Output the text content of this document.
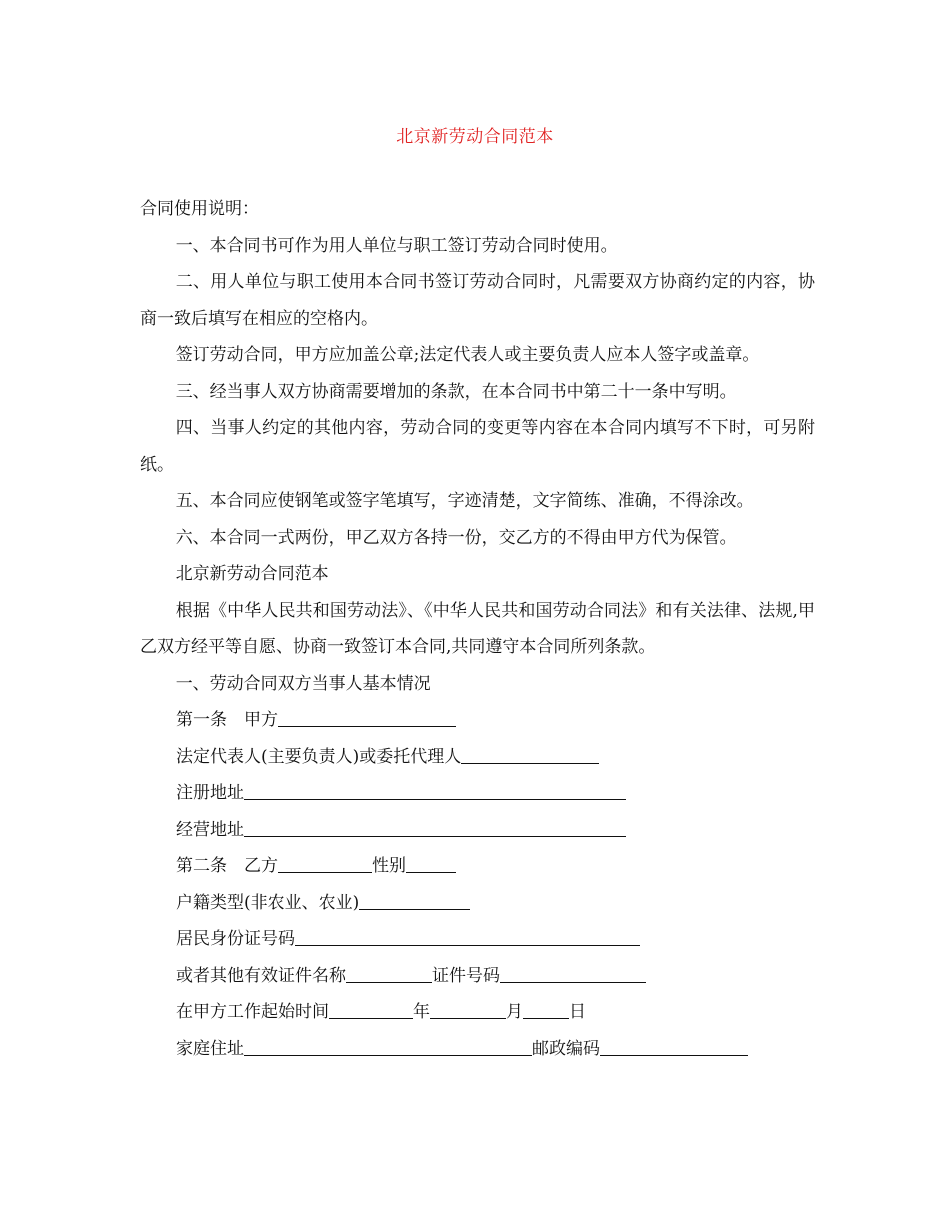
北京新劳动合同范本

合同使用说明：

一、本合同书可作为用人单位与职工签订劳动合同时使用。

二、用人单位与职工使用本合同书签订劳动合同时，凡需要双方协商约定的内容，协商一致后填写在相应的空格内。

签订劳动合同，甲方应加盖公章;法定代表人或主要负责人应本人签字或盖章。

三、经当事人双方协商需要增加的条款，在本合同书中第二十一条中写明。

四、当事人约定的其他内容，劳动合同的变更等内容在本合同内填写不下时，可另附纸。

五、本合同应使钢笔或签字笔填写，字迹清楚，文字简练、准确，不得涂改。

六、本合同一式两份，甲乙双方各持一份，交乙方的不得由甲方代为保管。

北京新劳动合同范本

根据《中华人民共和国劳动法》、《中华人民共和国劳动合同法》和有关法律、法规,甲乙双方经平等自愿、协商一致签订本合同,共同遵守本合同所列条款。

一、劳动合同双方当事人基本情况

第一条　甲方

法定代表人(主要负责人)或委托代理人

注册地址

经营地址

第二条　乙方	性别

户籍类型(非农业、农业)

居民身份证号码

或者其他有效证件名称	证件号码

在甲方工作起始时间	年	月	日

家庭住址	邮政编码
